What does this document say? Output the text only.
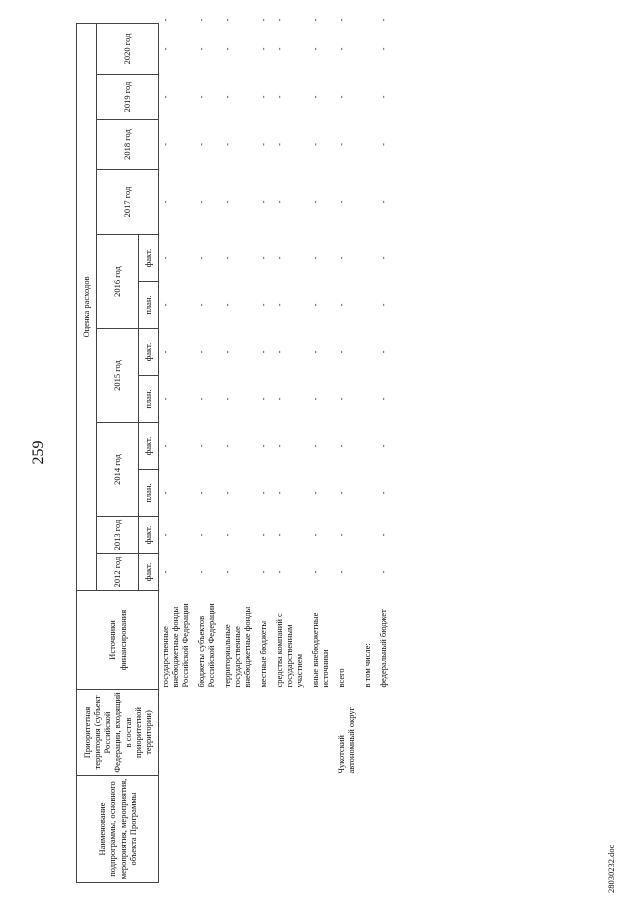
259
Наименование подпрограммы, основного мероприятия, мероприятия, объекта Программы	Приоритетная территория (субъект Российской Федерации, входящий в состав приоритетной территории)	Источники финансирования	Оценка расходов												
			2012 год	2013 год	2014 год		2015 год		2016 год		2017 год	2018 год	2019 год	2020 год	
			факт.	факт.	план.	факт.	план.	факт.	план.	факт.					
		государственные внебюджетные фонды Российской Федерации	-	-	-	-	-	-	-	-	-	-	-	-	-

		бюджеты субъектов Российской Федерации	-	-	-	-	-	-	-	-	-	-	-	-	-

		территориальные государственные внебюджетные фонды	-	-	-	-	-	-	-	-	-	-	-	-	-

		местные бюджеты	-	-	-	-	-	-	-	-	-	-	-	-	-

		средства компаний с государственным участием	-	-	-	-	-	-	-	-	-	-	-	-	-

		иные внебюджетные источники	-	-	-	-	-	-	-	-	-	-	-	-	-

	Чукотский автономный округ	всего	-	-	-	-	-	-	-	-	-	-	-	-	-

		в том числе:													

		федеральный бюджет	-	-	-	-	-	-	-	-	-	-	-	-	-

28030232.doc
